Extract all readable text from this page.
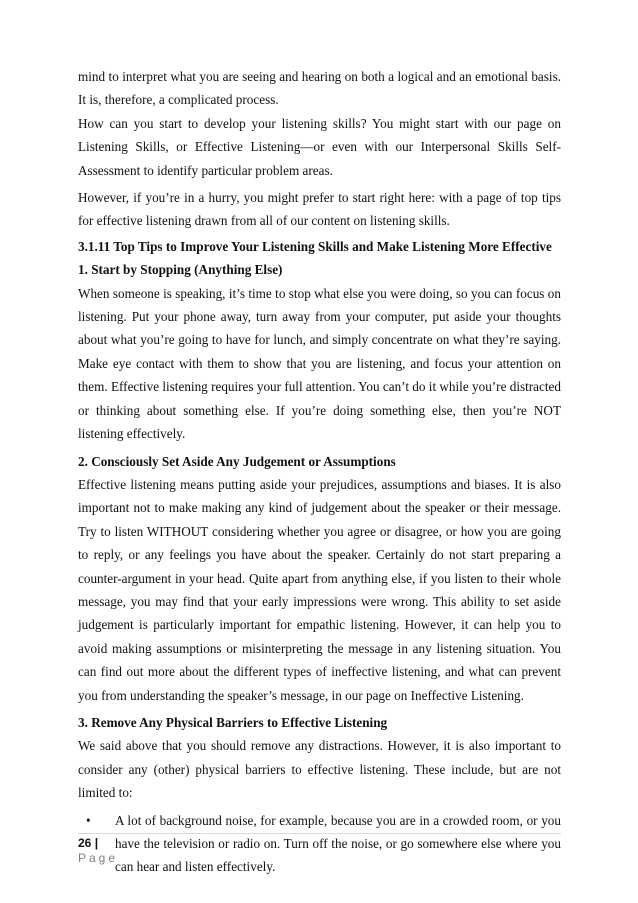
mind to interpret what you are seeing and hearing on both a logical and an emotional basis. It is, therefore, a complicated process.

How can you start to develop your listening skills? You might start with our page on Listening Skills, or Effective Listening—or even with our Interpersonal Skills Self-Assessment to identify particular problem areas.

However, if you’re in a hurry, you might prefer to start right here: with a page of top tips for effective listening drawn from all of our content on listening skills.

3.1.11 Top Tips to Improve Your Listening Skills and Make Listening More Effective
1. Start by Stopping (Anything Else)

When someone is speaking, it’s time to stop what else you were doing, so you can focus on listening. Put your phone away, turn away from your computer, put aside your thoughts about what you’re going to have for lunch, and simply concentrate on what they’re saying. Make eye contact with them to show that you are listening, and focus your attention on them. Effective listening requires your full attention. You can’t do it while you’re distracted or thinking about something else. If you’re doing something else, then you’re NOT listening effectively.

2. Consciously Set Aside Any Judgement or Assumptions

Effective listening means putting aside your prejudices, assumptions and biases. It is also important not to make making any kind of judgement about the speaker or their message. Try to listen WITHOUT considering whether you agree or disagree, or how you are going to reply, or any feelings you have about the speaker. Certainly do not start preparing a counter-argument in your head. Quite apart from anything else, if you listen to their whole message, you may find that your early impressions were wrong. This ability to set aside judgement is particularly important for empathic listening. However, it can help you to avoid making assumptions or misinterpreting the message in any listening situation. You can find out more about the different types of ineffective listening, and what can prevent you from understanding the speaker’s message, in our page on Ineffective Listening.

3. Remove Any Physical Barriers to Effective Listening

We said above that you should remove any distractions. However, it is also important to consider any (other) physical barriers to effective listening. These include, but are not limited to:

• A lot of background noise, for example, because you are in a crowded room, or you have the television or radio on. Turn off the noise, or go somewhere else where you can hear and listen effectively.
26 | Page
